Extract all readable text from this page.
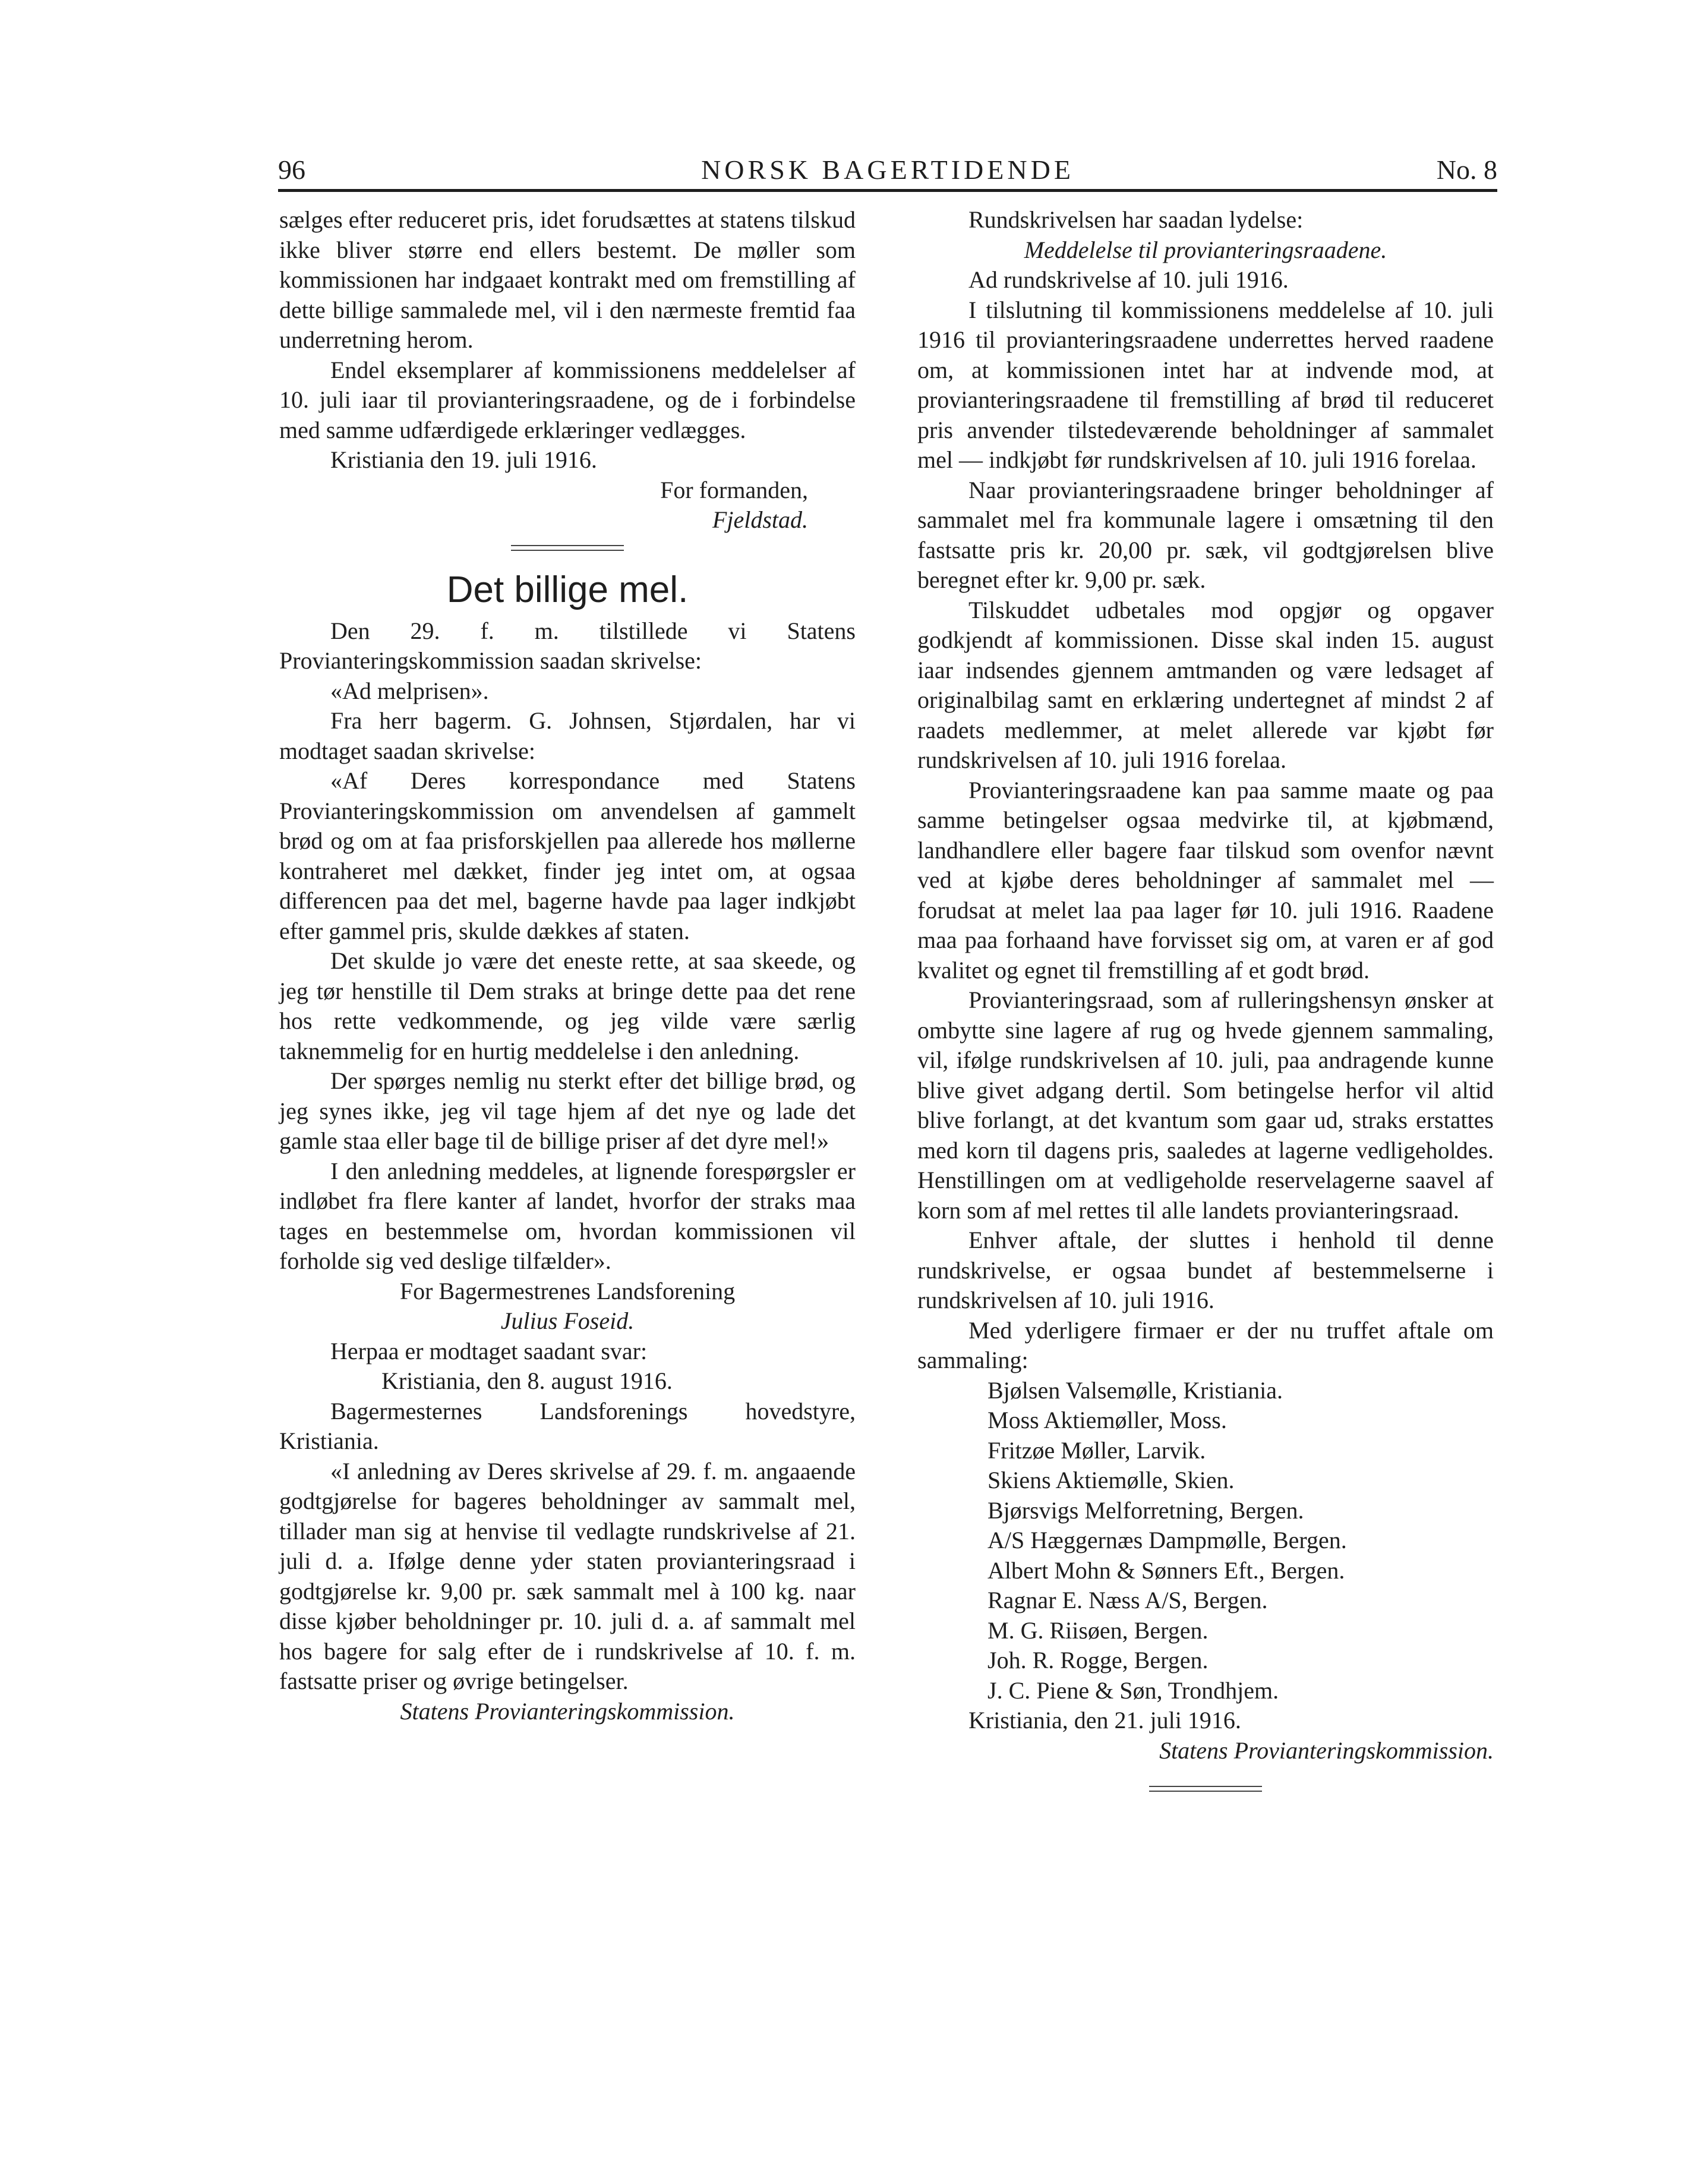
96	NORSK BAGERTIDENDE	No. 8

sælges efter reduceret pris, idet forudsættes at statens tilskud ikke bliver større end ellers bestemt. De møller som kommissionen har indgaaet kontrakt med om fremstilling af dette billige sammalede mel, vil i den nærmeste fremtid faa underretning herom.

Endel eksemplarer af kommissionens meddelelser af 10. juli iaar til provianteringsraadene, og de i forbindelse med samme udfærdigede erklæringer vedlægges.

Kristiania den 19. juli 1916.

For formanden,

Fjeldstad.

Det billige mel.

Den 29. f. m. tilstillede vi Statens Provianteringskommission saadan skrivelse:

«Ad melprisen».

Fra herr bagerm. G. Johnsen, Stjørdalen, har vi modtaget saadan skrivelse:

«Af Deres korrespondance med Statens Provianteringskommission om anvendelsen af gammelt brød og om at faa prisforskjellen paa allerede hos møllerne kontraheret mel dækket, finder jeg intet om, at ogsaa differencen paa det mel, bagerne havde paa lager indkjøbt efter gammel pris, skulde dækkes af staten.

Det skulde jo være det eneste rette, at saa skeede, og jeg tør henstille til Dem straks at bringe dette paa det rene hos rette vedkommende, og jeg vilde være særlig taknemmelig for en hurtig meddelelse i den anledning.

Der spørges nemlig nu sterkt efter det billige brød, og jeg synes ikke, jeg vil tage hjem af det nye og lade det gamle staa eller bage til de billige priser af det dyre mel!»

I den anledning meddeles, at lignende forespørgsler er indløbet fra flere kanter af landet, hvorfor der straks maa tages en bestemmelse om, hvordan kommissionen vil forholde sig ved deslige tilfælder».

For Bagermestrenes Landsforening

Julius Foseid.

Herpaa er modtaget saadant svar:

Kristiania, den 8. august 1916.

Bagermesternes Landsforenings hovedstyre, Kristiania.

«I anledning av Deres skrivelse af 29. f. m. angaaende godtgjørelse for bageres beholdninger av sammalt mel, tillader man sig at henvise til vedlagte rundskrivelse af 21. juli d. a. Ifølge denne yder staten provianteringsraad i godtgjørelse kr. 9,00 pr. sæk sammalt mel à 100 kg. naar disse kjøber beholdninger pr. 10. juli d. a. af sammalt mel hos bagere for salg efter de i rundskrivelse af 10. f. m. fastsatte priser og øvrige betingelser.

Statens Provianteringskommission.

Rundskrivelsen har saadan lydelse:

Meddelelse til provianteringsraadene.

Ad rundskrivelse af 10. juli 1916.

I tilslutning til kommissionens meddelelse af 10. juli 1916 til provianteringsraadene underrettes herved raadene om, at kommissionen intet har at indvende mod, at provianteringsraadene til fremstilling af brød til reduceret pris anvender tilstedeværende beholdninger af sammalet mel — indkjøbt før rundskrivelsen af 10. juli 1916 forelaa.

Naar provianteringsraadene bringer beholdninger af sammalet mel fra kommunale lagere i omsætning til den fastsatte pris kr. 20,00 pr. sæk, vil godtgjørelsen blive beregnet efter kr. 9,00 pr. sæk.

Tilskuddet udbetales mod opgjør og opgaver godkjendt af kommissionen. Disse skal inden 15. august iaar indsendes gjennem amtmanden og være ledsaget af originalbilag samt en erklæring undertegnet af mindst 2 af raadets medlemmer, at melet allerede var kjøbt før rundskrivelsen af 10. juli 1916 forelaa.

Provianteringsraadene kan paa samme maate og paa samme betingelser ogsaa medvirke til, at kjøbmænd, landhandlere eller bagere faar tilskud som ovenfor nævnt ved at kjøbe deres beholdninger af sammalet mel — forudsat at melet laa paa lager før 10. juli 1916. Raadene maa paa forhaand have forvisset sig om, at varen er af god kvalitet og egnet til fremstilling af et godt brød.

Provianteringsraad, som af rulleringshensyn ønsker at ombytte sine lagere af rug og hvede gjennem sammaling, vil, ifølge rundskrivelsen af 10. juli, paa andragende kunne blive givet adgang dertil. Som betingelse herfor vil altid blive forlangt, at det kvantum som gaar ud, straks erstattes med korn til dagens pris, saaledes at lagerne vedligeholdes. Henstillingen om at vedligeholde reservelagerne saavel af korn som af mel rettes til alle landets provianteringsraad.

Enhver aftale, der sluttes i henhold til denne rundskrivelse, er ogsaa bundet af bestemmelserne i rundskrivelsen af 10. juli 1916.

Med yderligere firmaer er der nu truffet aftale om sammaling:

Bjølsen Valsemølle, Kristiania.

Moss Aktiemøller, Moss.

Fritzøe Møller, Larvik.

Skiens Aktiemølle, Skien.

Bjørsvigs Melforretning, Bergen.

A/S Hæggernæs Dampmølle, Bergen.

Albert Mohn & Sønners Eft., Bergen.

Ragnar E. Næss A/S, Bergen.

M. G. Riisøen, Bergen.

Joh. R. Rogge, Bergen.

J. C. Piene & Søn, Trondhjem.

Kristiania, den 21. juli 1916.

Statens Provianteringskommission.
